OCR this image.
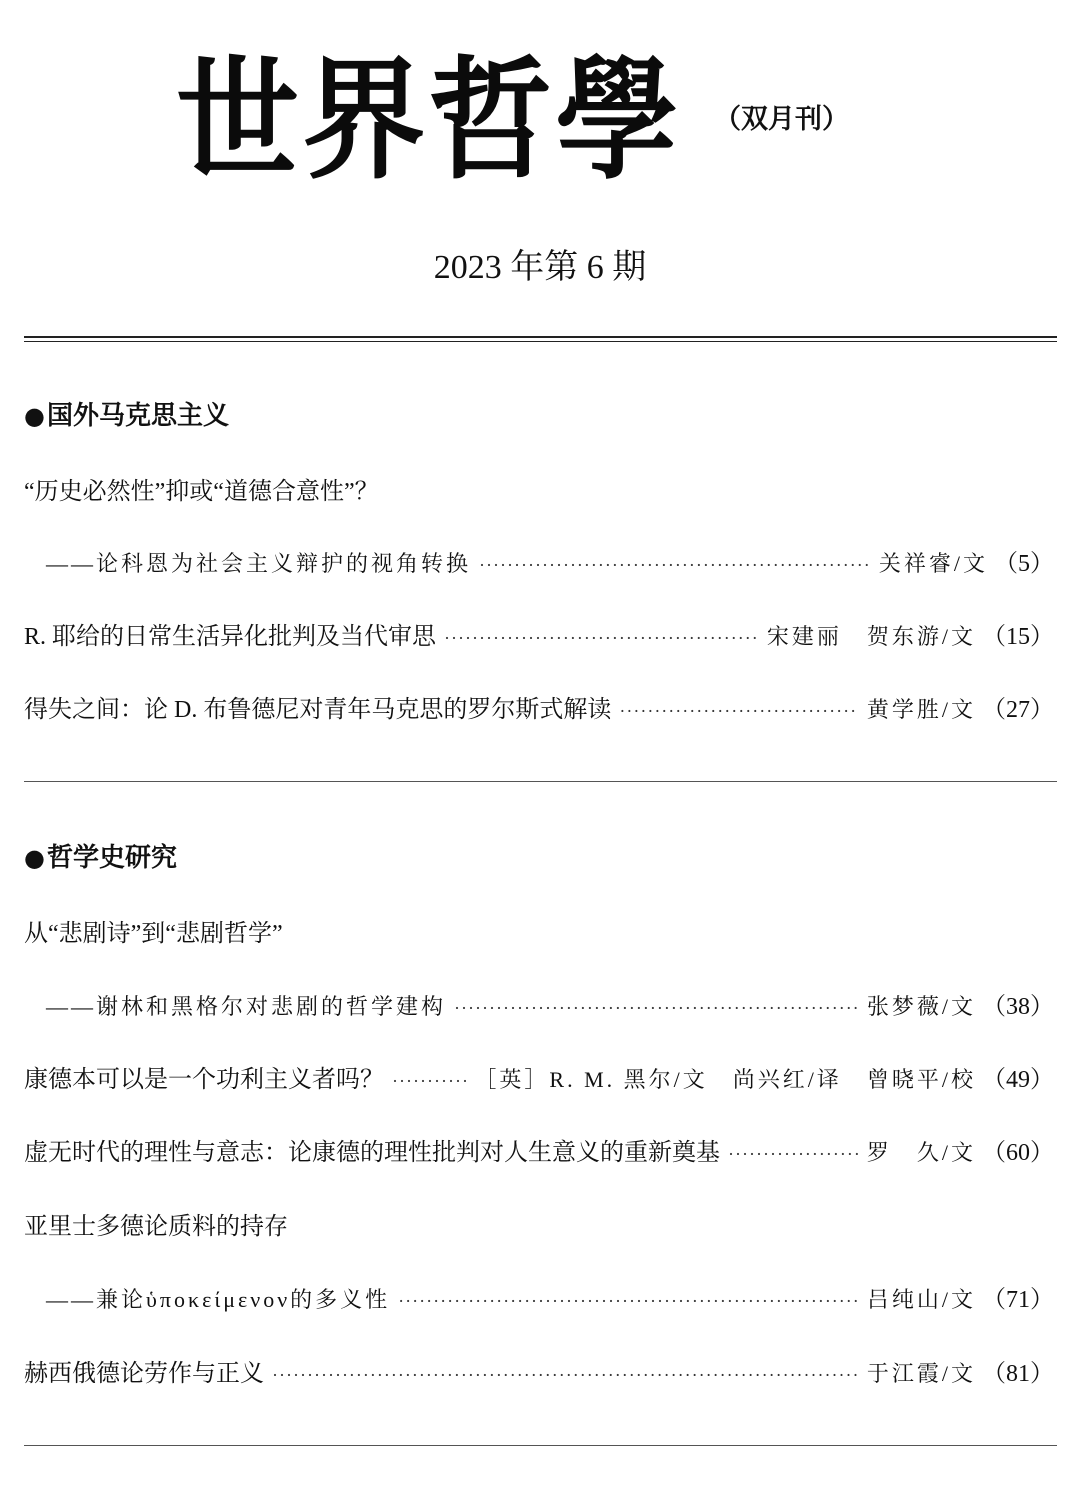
世界哲學 （双月刊）
2023 年第 6 期
●国外马克思主义
“历史必然性”抑或“道德合意性”？
——论科恩为社会主义辩护的视角转换 ·····	关祥睿/文 （5）
R. 耶给的日常生活异化批判及当代审思 ·····	宋建丽　贺东游/文 （15）
得失之间：论 D. 布鲁德尼对青年马克思的罗尔斯式解读 ·····	黄学胜/文 （27）
●哲学史研究
从“悲剧诗”到“悲剧哲学”
——谢林和黑格尔对悲剧的哲学建构 ·····	张梦薇/文 （38）
康德本可以是一个功利主义者吗？ ·····	［英］R. M. 黑尔/文　尚兴红/译　曾晓平/校 （49）
虚无时代的理性与意志：论康德的理性批判对人生意义的重新奠基 ·····	罗　久/文 （60）
亚里士多德论质料的持存
——兼论ὑποκείμενον的多义性 ·····	吕纯山/文 （71）
赫西俄德论劳作与正义 ·····	于江霞/文 （81）
